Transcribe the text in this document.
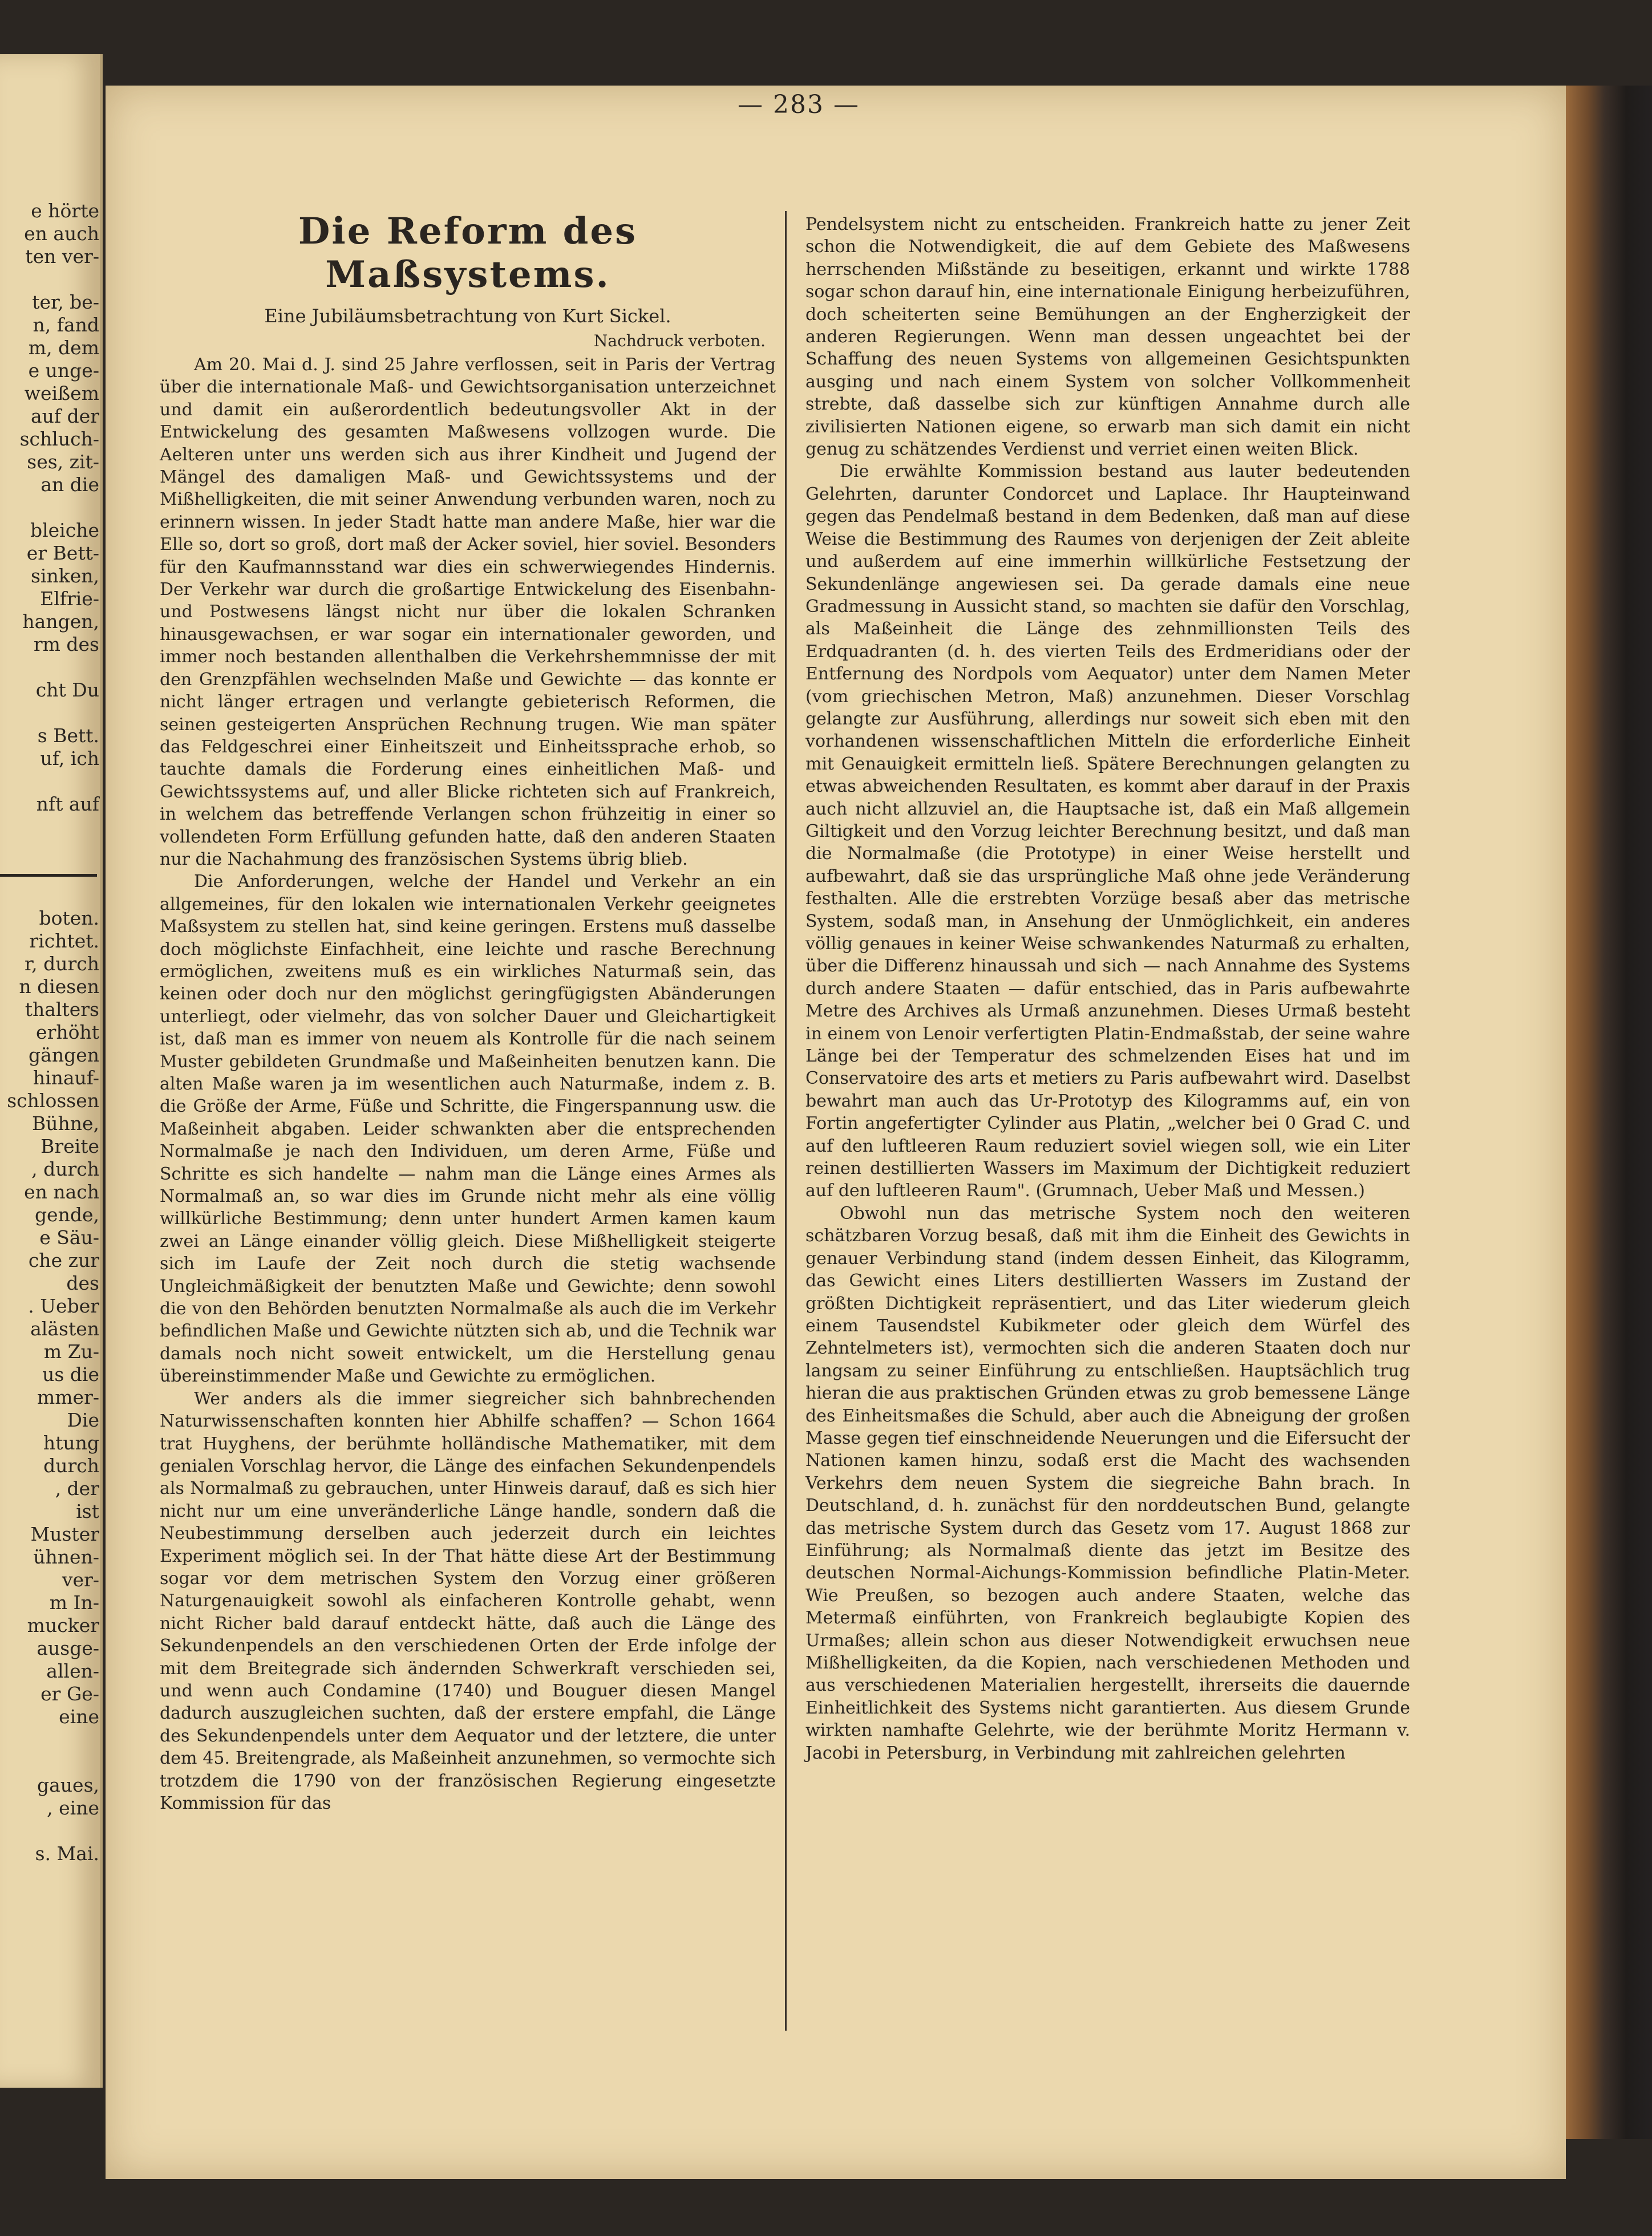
e hörte
en auch
ten ver-
ter, be-
n, fand
m, dem
e unge-
weißem
auf der
schluch-
ses, zit-
an die
bleiche
er Bett-
sinken,
Elfrie-
hangen,
rm des
cht Du
s Bett.
uf, ich
nft auf
boten.
richtet.
r, durch
n diesen
thalters
erhöht
gängen
hinauf-
schlossen
Bühne,
Breite
, durch
en nach
gende,
e Säu-
che zur
des
. Ueber
alästen
m Zu-
us die
mmer-
Die
htung
durch
, der
ist
Muster
ühnen-
ver-
m In-
mucker
ausge-
allen-
er Ge-
eine
gaues,
, eine
s. Mai.
— 283 —
Die Reform des Maßsystems.
Eine Jubiläumsbetrachtung von Kurt Sickel.
Nachdruck verboten.

Am 20. Mai d. J. sind 25 Jahre verflossen, seit in Paris der Vertrag über die internationale Maß- und Gewichtsorganisation unterzeichnet und damit ein außerordentlich bedeutungsvoller Akt in der Entwickelung des gesamten Maßwesens vollzogen wurde. Die Aelteren unter uns werden sich aus ihrer Kindheit und Jugend der Mängel des damaligen Maß- und Gewichtssystems und der Mißhelligkeiten, die mit seiner Anwendung verbunden waren, noch zu erinnern wissen. In jeder Stadt hatte man andere Maße, hier war die Elle so, dort so groß, dort maß der Acker soviel, hier soviel. Besonders für den Kaufmannsstand war dies ein schwerwiegendes Hindernis. Der Verkehr war durch die großartige Entwickelung des Eisenbahn- und Postwesens längst nicht nur über die lokalen Schranken hinausgewachsen, er war sogar ein internationaler geworden, und immer noch bestanden allenthalben die Verkehrshemmnisse der mit den Grenzpfählen wechselnden Maße und Gewichte — das konnte er nicht länger ertragen und verlangte gebieterisch Reformen, die seinen gesteigerten Ansprüchen Rechnung trugen. Wie man später das Feldgeschrei einer Einheitszeit und Einheitssprache erhob, so tauchte damals die Forderung eines einheitlichen Maß- und Gewichtssystems auf, und aller Blicke richteten sich auf Frankreich, in welchem das betreffende Verlangen schon frühzeitig in einer so vollendeten Form Erfüllung gefunden hatte, daß den anderen Staaten nur die Nachahmung des französischen Systems übrig blieb.

Die Anforderungen, welche der Handel und Verkehr an ein allgemeines, für den lokalen wie internationalen Verkehr geeignetes Maßsystem zu stellen hat, sind keine geringen. Erstens muß dasselbe doch möglichste Einfachheit, eine leichte und rasche Berechnung ermöglichen, zweitens muß es ein wirkliches Naturmaß sein, das keinen oder doch nur den möglichst geringfügigsten Abänderungen unterliegt, oder vielmehr, das von solcher Dauer und Gleichartigkeit ist, daß man es immer von neuem als Kontrolle für die nach seinem Muster gebildeten Grundmaße und Maßeinheiten benutzen kann. Die alten Maße waren ja im wesentlichen auch Naturmaße, indem z. B. die Größe der Arme, Füße und Schritte, die Fingerspannung usw. die Maßeinheit abgaben. Leider schwankten aber die entsprechenden Normalmaße je nach den Individuen, um deren Arme, Füße und Schritte es sich handelte — nahm man die Länge eines Armes als Normalmaß an, so war dies im Grunde nicht mehr als eine völlig willkürliche Bestimmung; denn unter hundert Armen kamen kaum zwei an Länge einander völlig gleich. Diese Mißhelligkeit steigerte sich im Laufe der Zeit noch durch die stetig wachsende Ungleichmäßigkeit der benutzten Maße und Gewichte; denn sowohl die von den Behörden benutzten Normalmaße als auch die im Verkehr befindlichen Maße und Gewichte nützten sich ab, und die Technik war damals noch nicht soweit entwickelt, um die Herstellung genau übereinstimmender Maße und Gewichte zu ermöglichen.

Wer anders als die immer siegreicher sich bahnbrechenden Naturwissenschaften konnten hier Abhilfe schaffen? — Schon 1664 trat Huyghens, der berühmte holländische Mathematiker, mit dem genialen Vorschlag hervor, die Länge des einfachen Sekundenpendels als Normalmaß zu gebrauchen, unter Hinweis darauf, daß es sich hier nicht nur um eine unveränderliche Länge handle, sondern daß die Neubestimmung derselben auch jederzeit durch ein leichtes Experiment möglich sei. In der That hätte diese Art der Bestimmung sogar vor dem metrischen System den Vorzug einer größeren Naturgenauigkeit sowohl als einfacheren Kontrolle gehabt, wenn nicht Richer bald darauf entdeckt hätte, daß auch die Länge des Sekundenpendels an den verschiedenen Orten der Erde infolge der mit dem Breitegrade sich ändernden Schwerkraft verschieden sei, und wenn auch Condamine (1740) und Bouguer diesen Mangel dadurch auszugleichen suchten, daß der erstere empfahl, die Länge des Sekundenpendels unter dem Aequator und der letztere, die unter dem 45. Breitengrade, als Maßeinheit anzunehmen, so vermochte sich trotzdem die 1790 von der französischen Regierung eingesetzte Kommission für das

Pendelsystem nicht zu entscheiden. Frankreich hatte zu jener Zeit schon die Notwendigkeit, die auf dem Gebiete des Maßwesens herrschenden Mißstände zu beseitigen, erkannt und wirkte 1788 sogar schon darauf hin, eine internationale Einigung herbeizuführen, doch scheiterten seine Bemühungen an der Engherzigkeit der anderen Regierungen. Wenn man dessen ungeachtet bei der Schaffung des neuen Systems von allgemeinen Gesichtspunkten ausging und nach einem System von solcher Vollkommenheit strebte, daß dasselbe sich zur künftigen Annahme durch alle zivilisierten Nationen eigene, so erwarb man sich damit ein nicht genug zu schätzendes Verdienst und verriet einen weiten Blick.

Die erwählte Kommission bestand aus lauter bedeutenden Gelehrten, darunter Condorcet und Laplace. Ihr Haupteinwand gegen das Pendelmaß bestand in dem Bedenken, daß man auf diese Weise die Bestimmung des Raumes von derjenigen der Zeit ableite und außerdem auf eine immerhin willkürliche Festsetzung der Sekundenlänge angewiesen sei. Da gerade damals eine neue Gradmessung in Aussicht stand, so machten sie dafür den Vorschlag, als Maßeinheit die Länge des zehnmillionsten Teils des Erdquadranten (d. h. des vierten Teils des Erdmeridians oder der Entfernung des Nordpols vom Aequator) unter dem Namen Meter (vom griechischen Metron, Maß) anzunehmen. Dieser Vorschlag gelangte zur Ausführung, allerdings nur soweit sich eben mit den vorhandenen wissenschaftlichen Mitteln die erforderliche Einheit mit Genauigkeit ermitteln ließ. Spätere Berechnungen gelangten zu etwas abweichenden Resultaten, es kommt aber darauf in der Praxis auch nicht allzuviel an, die Hauptsache ist, daß ein Maß allgemein Giltigkeit und den Vorzug leichter Berechnung besitzt, und daß man die Normalmaße (die Prototype) in einer Weise herstellt und aufbewahrt, daß sie das ursprüngliche Maß ohne jede Veränderung festhalten. Alle die erstrebten Vorzüge besaß aber das metrische System, sodaß man, in Ansehung der Unmöglichkeit, ein anderes völlig genaues in keiner Weise schwankendes Naturmaß zu erhalten, über die Differenz hinaussah und sich — nach Annahme des Systems durch andere Staaten — dafür entschied, das in Paris aufbewahrte Metre des Archives als Urmaß anzunehmen. Dieses Urmaß besteht in einem von Lenoir verfertigten Platin-Endmaßstab, der seine wahre Länge bei der Temperatur des schmelzenden Eises hat und im Conservatoire des arts et metiers zu Paris aufbewahrt wird. Daselbst bewahrt man auch das Ur-Prototyp des Kilogramms auf, ein von Fortin angefertigter Cylinder aus Platin, „welcher bei 0 Grad C. und auf den luftleeren Raum reduziert soviel wiegen soll, wie ein Liter reinen destillierten Wassers im Maximum der Dichtigkeit reduziert auf den luftleeren Raum". (Grumnach, Ueber Maß und Messen.)

Obwohl nun das metrische System noch den weiteren schätzbaren Vorzug besaß, daß mit ihm die Einheit des Gewichts in genauer Verbindung stand (indem dessen Einheit, das Kilogramm, das Gewicht eines Liters destillierten Wassers im Zustand der größten Dichtigkeit repräsentiert, und das Liter wiederum gleich einem Tausendstel Kubikmeter oder gleich dem Würfel des Zehntelmeters ist), vermochten sich die anderen Staaten doch nur langsam zu seiner Einführung zu entschließen. Hauptsächlich trug hieran die aus praktischen Gründen etwas zu grob bemessene Länge des Einheitsmaßes die Schuld, aber auch die Abneigung der großen Masse gegen tief einschneidende Neuerungen und die Eifersucht der Nationen kamen hinzu, sodaß erst die Macht des wachsenden Verkehrs dem neuen System die siegreiche Bahn brach. In Deutschland, d. h. zunächst für den norddeutschen Bund, gelangte das metrische System durch das Gesetz vom 17. August 1868 zur Einführung; als Normalmaß diente das jetzt im Besitze des deutschen Normal-Aichungs-Kommission befindliche Platin-Meter. Wie Preußen, so bezogen auch andere Staaten, welche das Metermaß einführten, von Frankreich beglaubigte Kopien des Urmaßes; allein schon aus dieser Notwendigkeit erwuchsen neue Mißhelligkeiten, da die Kopien, nach verschiedenen Methoden und aus verschiedenen Materialien hergestellt, ihrerseits die dauernde Einheitlichkeit des Systems nicht garantierten. Aus diesem Grunde wirkten namhafte Gelehrte, wie der berühmte Moritz Hermann v. Jacobi in Petersburg, in Verbindung mit zahlreichen gelehrten
